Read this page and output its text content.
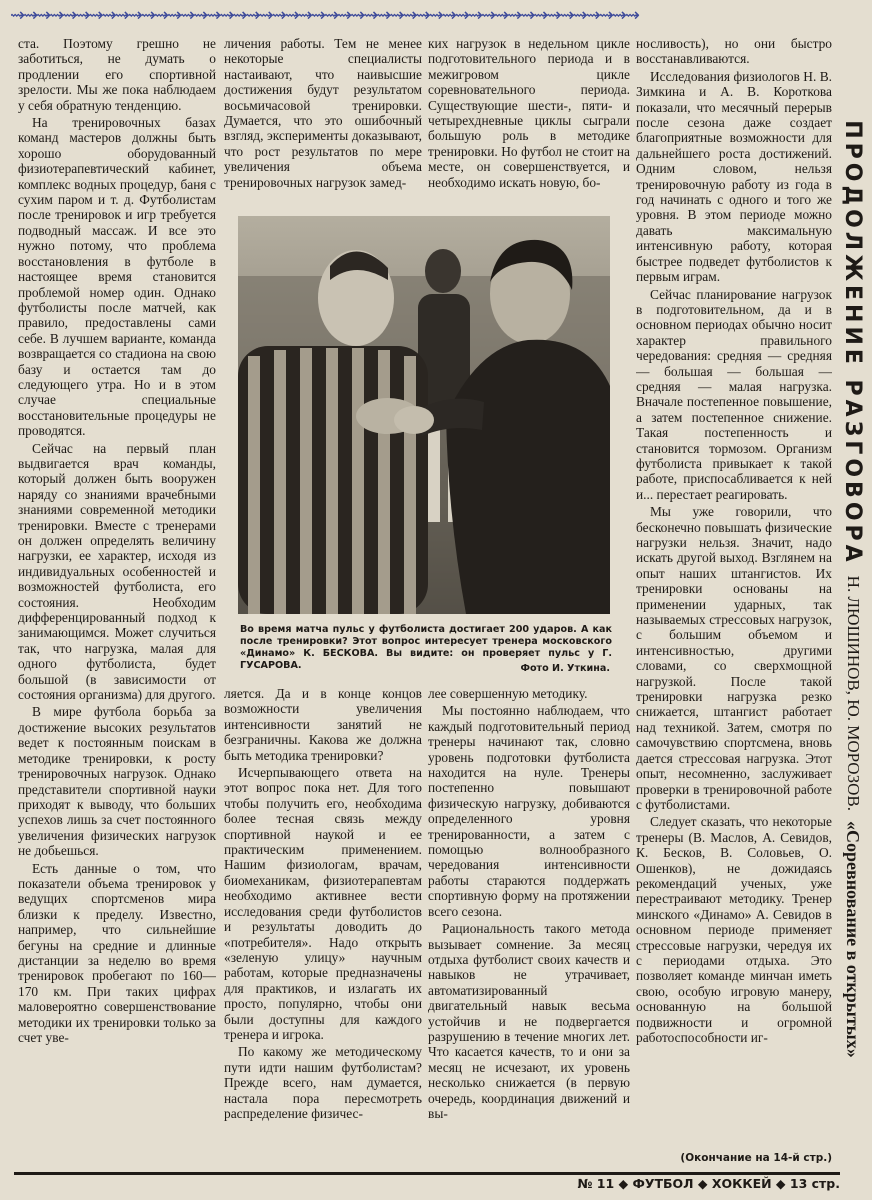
⇝⇝⇝⇝⇝⇝⇝⇝⇝⇝⇝⇝⇝⇝⇝⇝⇝⇝⇝⇝⇝⇝⇝⇝⇝⇝⇝⇝⇝⇝⇝⇝⇝⇝⇝⇝⇝⇝⇝⇝⇝⇝⇝⇝⇝⇝⇝⇝

ста. Поэтому грешно не заботиться, не думать о продлении его спортивной зрелости. Мы же пока наблюдаем у себя обратную тенденцию.

На тренировочных базах команд мастеров должны быть хорошо оборудованный физиотерапевтический кабинет, комплекс водных процедур, баня с сухим паром и т. д. Футболистам после тренировок и игр требуется подводный массаж. И все это нужно потому, что проблема восстановления в футболе в настоящее время становится проблемой номер один. Однако футболисты после матчей, как правило, предоставлены сами себе. В лучшем варианте, команда возвращается со стадиона на свою базу и остается там до следующего утра. Но и в этом случае специальные восстановительные процедуры не проводятся.

Сейчас на первый план выдвигается врач команды, который должен быть вооружен наряду со знаниями врачебными знаниями современной методики тренировки. Вместе с тренерами он должен определять величину нагрузки, ее характер, исходя из индивидуальных особенностей и возможностей футболиста, его состояния. Необходим дифференцированный подход к занимающимся. Может случиться так, что нагрузка, малая для одного футболиста, будет большой (в зависимости от состояния организма) для другого.

В мире футбола борьба за достижение высоких результатов ведет к постоянным поискам в методике тренировки, к росту тренировочных нагрузок. Однако представители спортивной науки приходят к выводу, что больших успехов лишь за счет постоянного увеличения физических нагрузок не добьешься.

Есть данные о том, что показатели объема тренировок у ведущих спортсменов мира близки к пределу. Известно, например, что сильнейшие бегуны на средние и длинные дистанции за неделю во время тренировок пробегают по 160—170 км. При таких цифрах маловероятно совершенствование методики их тренировки только за счет уве-

личения работы. Тем не менее некоторые специалисты настаивают, что наивысшие достижения будут результатом восьмичасовой тренировки. Думается, что это ошибочный взгляд, эксперименты доказывают, что рост результатов по мере увеличения объема тренировочных нагрузок замед-

ких нагрузок в недельном цикле подготовительного периода и в межигровом цикле соревновательного периода. Существующие шести-, пяти- и четырехдневные циклы сыграли большую роль в методике тренировки. Но футбол не стоит на месте, он совершенствуется, и необходимо искать новую, бо-

носливость), но они быстро восстанавливаются.

Исследования физиологов Н. В. Зимкина и А. В. Короткова показали, что месячный перерыв после сезона даже создает благоприятные возможности для дальнейшего роста достижений. Одним словом, нельзя тренировочную работу из года в год начинать с одного и того же уровня. В этом периоде можно давать максимальную интенсивную работу, которая быстрее подведет футболистов к первым играм.

Сейчас планирование нагрузок в подготовительном, да и в основном периодах обычно носит характер правильного чередования: средняя — средняя — большая — большая — средняя — малая нагрузка. Вначале постепенное повышение, а затем постепенное снижение. Такая постепенность и становится тормозом. Организм футболиста привыкает к такой работе, приспосабливается к ней и... перестает реагировать.

Мы уже говорили, что бесконечно повышать физические нагрузки нельзя. Значит, надо искать другой выход. Взглянем на опыт наших штангистов. Их тренировки основаны на применении ударных, так называемых стрессовых нагрузок, с большим объемом и интенсивностью, другими словами, со сверхмощной нагрузкой. После такой тренировки нагрузка резко снижается, штангист работает над техникой. Затем, смотря по самочувствию спортсмена, вновь дается стрессовая нагрузка. Этот опыт, несомненно, заслуживает проверки в тренировочной работе с футболистами.

Следует сказать, что некоторые тренеры (В. Маслов, А. Севидов, К. Бесков, В. Соловьев, О. Ошенков), не дожидаясь рекомендаций ученых, уже перестраивают методику. Тренер минского «Динамо» А. Севидов в основном периоде применяет стрессовые нагрузки, чередуя их с периодами отдыха. Это позволяет команде минчан иметь свою, особую игровую манеру, основанную на большой подвижности и огромной работоспособности иг-

Во время матча пульс у футболиста достигает 200 ударов. А как после тренировки? Этот вопрос интересует тренера московского «Динамо» К. БЕСКОВА. Вы видите: он проверяет пульс у Г. ГУСАРОВА.	Фото И. Уткина.

ляется. Да и в конце концов возможности увеличения интенсивности занятий не безграничны. Какова же должна быть методика тренировки?

Исчерпывающего ответа на этот вопрос пока нет. Для того чтобы получить его, необходима более тесная связь между спортивной наукой и ее практическим применением. Нашим физиологам, врачам, биомеханикам, физиотерапевтам необходимо активнее вести исследования среди футболистов и результаты доводить до «потребителя». Надо открыть «зеленую улицу» научным работам, которые предназначены для практиков, и излагать их просто, популярно, чтобы они были доступны для каждого тренера и игрока.

По какому же методическому пути идти нашим футболистам? Прежде всего, нам думается, настала пора пересмотреть распределение физичес-

лее совершенную методику.

Мы постоянно наблюдаем, что каждый подготовительный период тренеры начинают так, словно уровень подготовки футболиста находится на нуле. Тренеры постепенно повышают физическую нагрузку, добиваются определенного уровня тренированности, а затем с помощью волнообразного чередования интенсивности работы стараются поддержать спортивную форму на протяжении всего сезона.

Рациональность такого метода вызывает сомнение. За месяц отдыха футболист своих качеств и навыков не утрачивает, автоматизированный двигательный навык весьма устойчив и не подвергается разрушению в течение многих лет. Что касается качеств, то и они за месяц не исчезают, их уровень несколько снижается (в первую очередь, координация движений и вы-

ПРОДОЛЖЕНИЕ РАЗГОВОРА
Н. ЛЮШИНОВ, Ю. МОРОЗОВ.
«Соревнование в открытых»
(Окончание на 14-й стр.)
№ 11 ◆ ФУТБОЛ ◆ ХОККЕЙ ◆ 13 стр.
